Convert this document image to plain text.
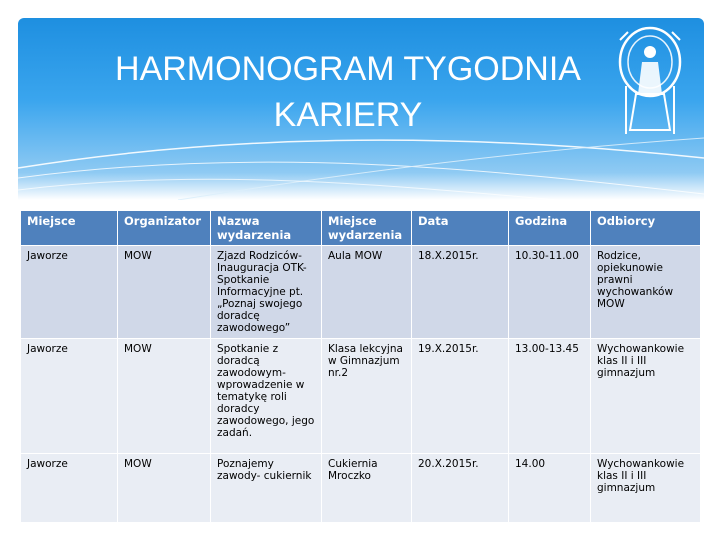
HARMONOGRAM TYGODNIA
KARIERY
Miejsce	Organizator	Nazwa wydarzenia	Miejsce wydarzenia	Data	Godzina	Odbiorcy
Jaworze	MOW	Zjazd Rodziców- Inauguracja OTK- Spotkanie Informacyjne pt. „Poznaj swojego doradcę zawodowego”	Aula MOW	18.X.2015r.	10.30-11.00	Rodzice, opiekunowie prawni wychowanków MOW
Jaworze	MOW	Spotkanie z doradcą zawodowym- wprowadzenie w tematykę roli doradcy zawodowego, jego zadań.	Klasa lekcyjna w Gimnazjum nr.2	19.X.2015r.	13.00-13.45	Wychowankowie klas II i III gimnazjum
Jaworze	MOW	Poznajemy zawody- cukiernik	Cukiernia Mroczko	20.X.2015r.	14.00	Wychowankowie klas II i III gimnazjum
